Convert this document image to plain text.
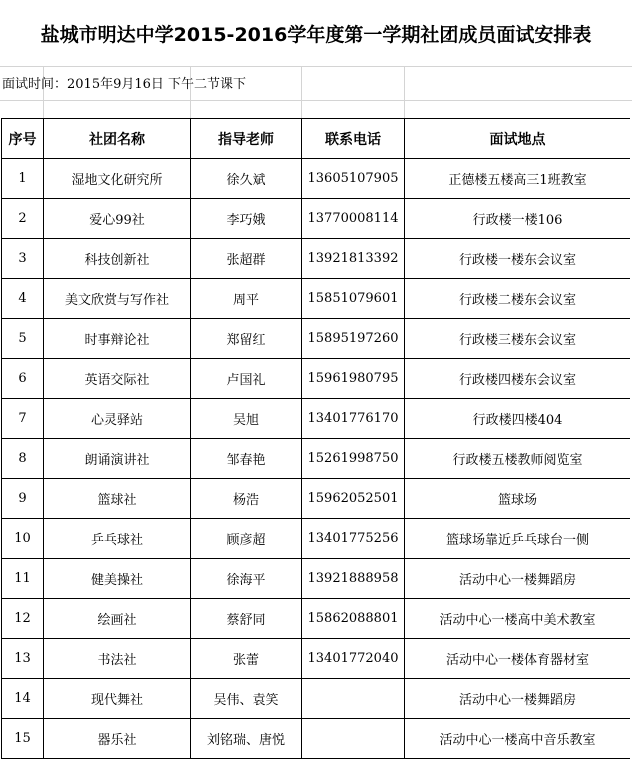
盐城市明达中学2015-2016学年度第一学期社团成员面试安排表
面试时间：2015年9月16日 下午二节课下
序号	社团名称	指导老师	联系电话	面试地点
1	湿地文化研究所	徐久斌	13605107905	正德楼五楼高三1班教室
2	爱心99社	李巧娥	13770008114	行政楼一楼106
3	科技创新社	张超群	13921813392	行政楼一楼东会议室
4	美文欣赏与写作社	周平	15851079601	行政楼二楼东会议室
5	时事辩论社	郑留红	15895197260	行政楼三楼东会议室
6	英语交际社	卢国礼	15961980795	行政楼四楼东会议室
7	心灵驿站	吴旭	13401776170	行政楼四楼404
8	朗诵演讲社	邹春艳	15261998750	行政楼五楼教师阅览室
9	篮球社	杨浩	15962052501	篮球场
10	乒乓球社	顾彦超	13401775256	篮球场靠近乒乓球台一侧
11	健美操社	徐海平	13921888958	活动中心一楼舞蹈房
12	绘画社	蔡舒同	15862088801	活动中心一楼高中美术教室
13	书法社	张蕾	13401772040	活动中心一楼体育器材室
14	现代舞社	吴伟、袁笑		活动中心一楼舞蹈房
15	器乐社	刘铭瑞、唐悦		活动中心一楼高中音乐教室
